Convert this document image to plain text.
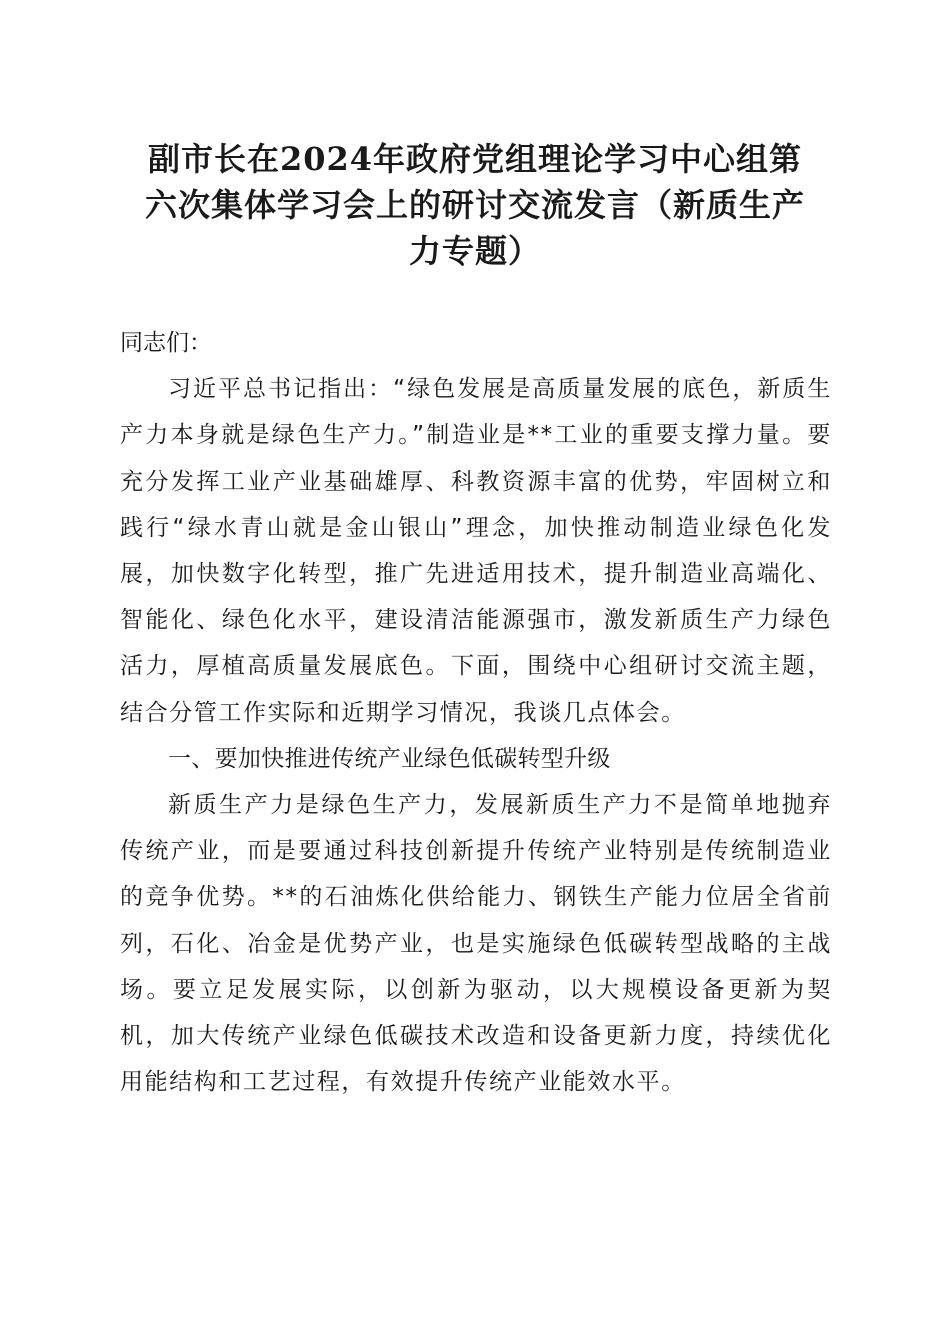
副市长在2024年政府党组理论学习中心组第
六次集体学习会上的研讨交流发言（新质生产
力专题）

同志们：

习近平总书记指出：“绿色发展是高质量发展的底色，新质生产力本身就是绿色生产力。”制造业是**工业的重要支撑力量。要充分发挥工业产业基础雄厚、科教资源丰富的优势，牢固树立和践行“绿水青山就是金山银山”理念，加快推动制造业绿色化发展，加快数字化转型，推广先进适用技术，提升制造业高端化、智能化、绿色化水平，建设清洁能源强市，激发新质生产力绿色活力，厚植高质量发展底色。下面，围绕中心组研讨交流主题，结合分管工作实际和近期学习情况，我谈几点体会。

一、要加快推进传统产业绿色低碳转型升级

新质生产力是绿色生产力，发展新质生产力不是简单地抛弃传统产业，而是要通过科技创新提升传统产业特别是传统制造业的竞争优势。**的石油炼化供给能力、钢铁生产能力位居全省前列，石化、冶金是优势产业，也是实施绿色低碳转型战略的主战场。要立足发展实际，以创新为驱动，以大规模设备更新为契机，加大传统产业绿色低碳技术改造和设备更新力度，持续优化用能结构和工艺过程，有效提升传统产业能效水平。
